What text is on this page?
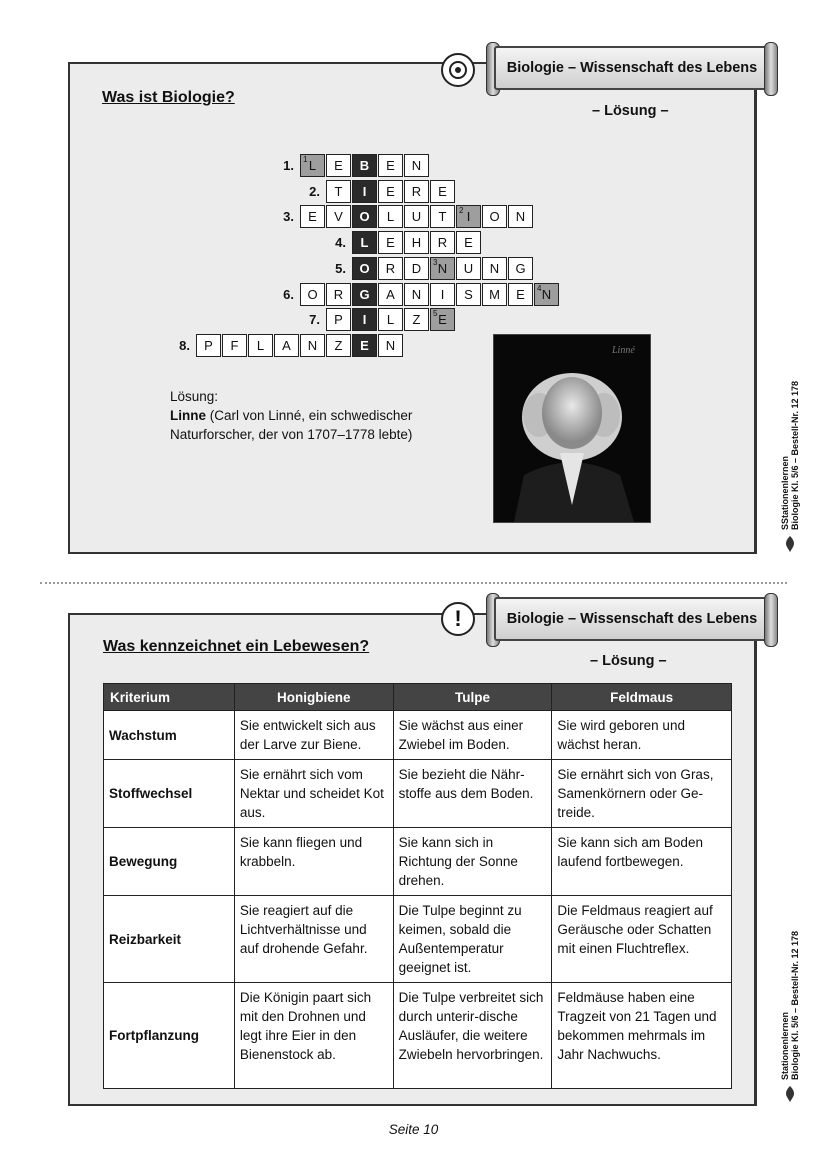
Biologie – Wissenschaft des Lebens
Was ist Biologie?
– Lösung –
1. 1 L	E	B	E	N
2.	T	I	E	R	E
3.	E	V	O	L	U	T	2 I	O	N
4.	L	E	H	R	E
5.	O	R	D	3 N	U	N	G
6.	O	R	G	A	N	I	S	M	E	4 N
7.	P	I	L	Z	5 E
8.	P	F	L	A	N	Z	E	N
Lösung:
Linne (Carl von Linné, ein schwedischer
Naturforscher, der von 1707–1778 lebte)
Linné
SStationenlernen
Biologie Kl. 5/6 – Bestell-Nr. 12 178
Biologie – Wissenschaft des Lebens
!
Was kennzeichnet ein Lebewesen?
– Lösung –
Kriterium	Honigbiene	Tulpe	Feldmaus
Wachstum	Sie entwickelt sich aus der Larve zur Biene.	Sie wächst aus einer Zwiebel im Boden.	Sie wird geboren und wächst heran.
Stoffwechsel	Sie ernährt sich vom Nektar und scheidet Kot aus.	Sie bezieht die Nähr-stoffe aus dem Boden.	Sie ernährt sich von Gras, Samenkörnern oder Ge-treide.
Bewegung	Sie kann fliegen und krabbeln.	Sie kann sich in Richtung der Sonne drehen.	Sie kann sich am Boden laufend fortbewegen.
Reizbarkeit	Sie reagiert auf die Lichtverhältnisse und auf drohende Gefahr.	Die Tulpe beginnt zu keimen, sobald die Außentemperatur geeignet ist.	Die Feldmaus reagiert auf Geräusche oder Schatten mit einen Fluchtreflex.
Fortpflanzung	Die Königin paart sich mit den Drohnen und legt ihre Eier in den Bienenstock ab.	Die Tulpe verbreitet sich durch unterir-dische Ausläufer, die weitere Zwiebeln hervorbringen.	Feldmäuse haben eine Tragzeit von 21 Tagen und bekommen mehrmals im Jahr Nachwuchs.	Stationenlernen
Biologie Kl. 5/6 – Bestell-Nr. 12 178
Seite 10
